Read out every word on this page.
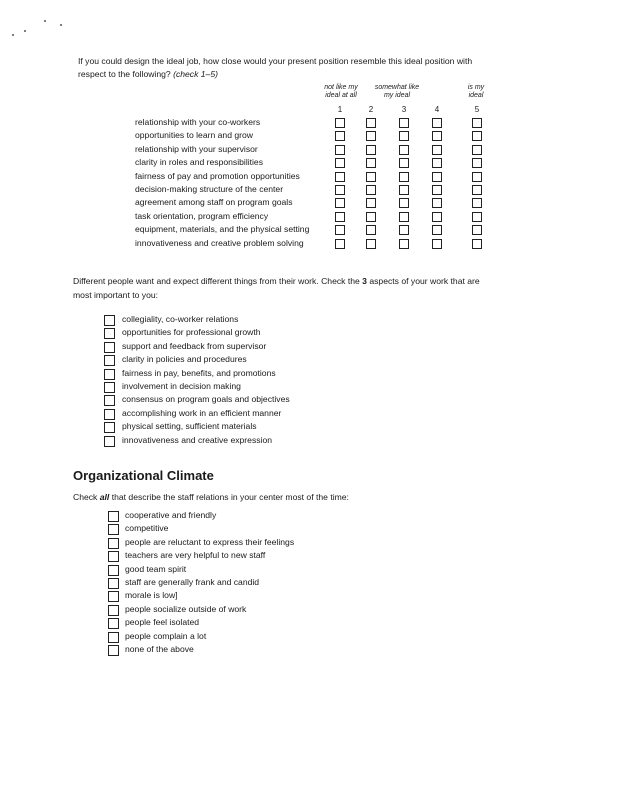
If you could design the ideal job, how close would your present position resemble this ideal position with
respect to the following? (check 1–5)
not like my
ideal at all
somewhat like
my ideal
is my
ideal
1	2	3	4	5
relationship with your co-workers
opportunities to learn and grow
relationship with your supervisor
clarity in roles and responsibilities
fairness of pay and promotion opportunities
decision-making structure of the center
agreement among staff on program goals
task orientation, program efficiency
equipment, materials, and the physical setting
innovativeness and creative problem solving
Different people want and expect different things from their work. Check the 3 aspects of your work that are
most important to you:
collegiality, co-worker relations
opportunities for professional growth
support and feedback from supervisor
clarity in policies and procedures
fairness in pay, benefits, and promotions
involvement in decision making
consensus on program goals and objectives
accomplishing work in an efficient manner
physical setting, sufficient materials
innovativeness and creative expression
Organizational Climate
Check all that describe the staff relations in your center most of the time:
cooperative and friendly
competitive
people are reluctant to express their feelings
teachers are very helpful to new staff
good team spirit
staff are generally frank and candid
morale is low]
people socialize outside of work
people feel isolated
people complain a lot
none of the above
